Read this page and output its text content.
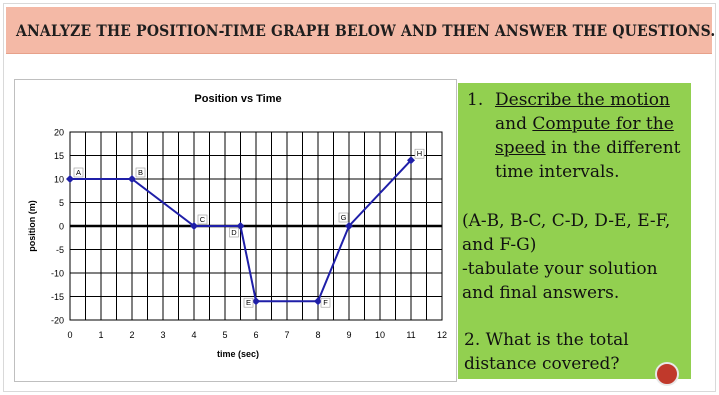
ANALYZE THE POSITION-TIME GRAPH BELOW AND THEN ANSWER THE QUESTIONS.
Position vs Time
20
15
10
5
0
-5
-10
-15
-20
0	1	2	3	4	5	6	7	8	9	10 11 12
time (sec)
position (m)
A	B
C
D
E	F
G
H
1. Describe the motion and Compute for the speed in the different time intervals.
(A-B, B-C, C-D, D-E, E-F, and F-G)
-tabulate your solution and final answers.
2. What is the total distance covered?
